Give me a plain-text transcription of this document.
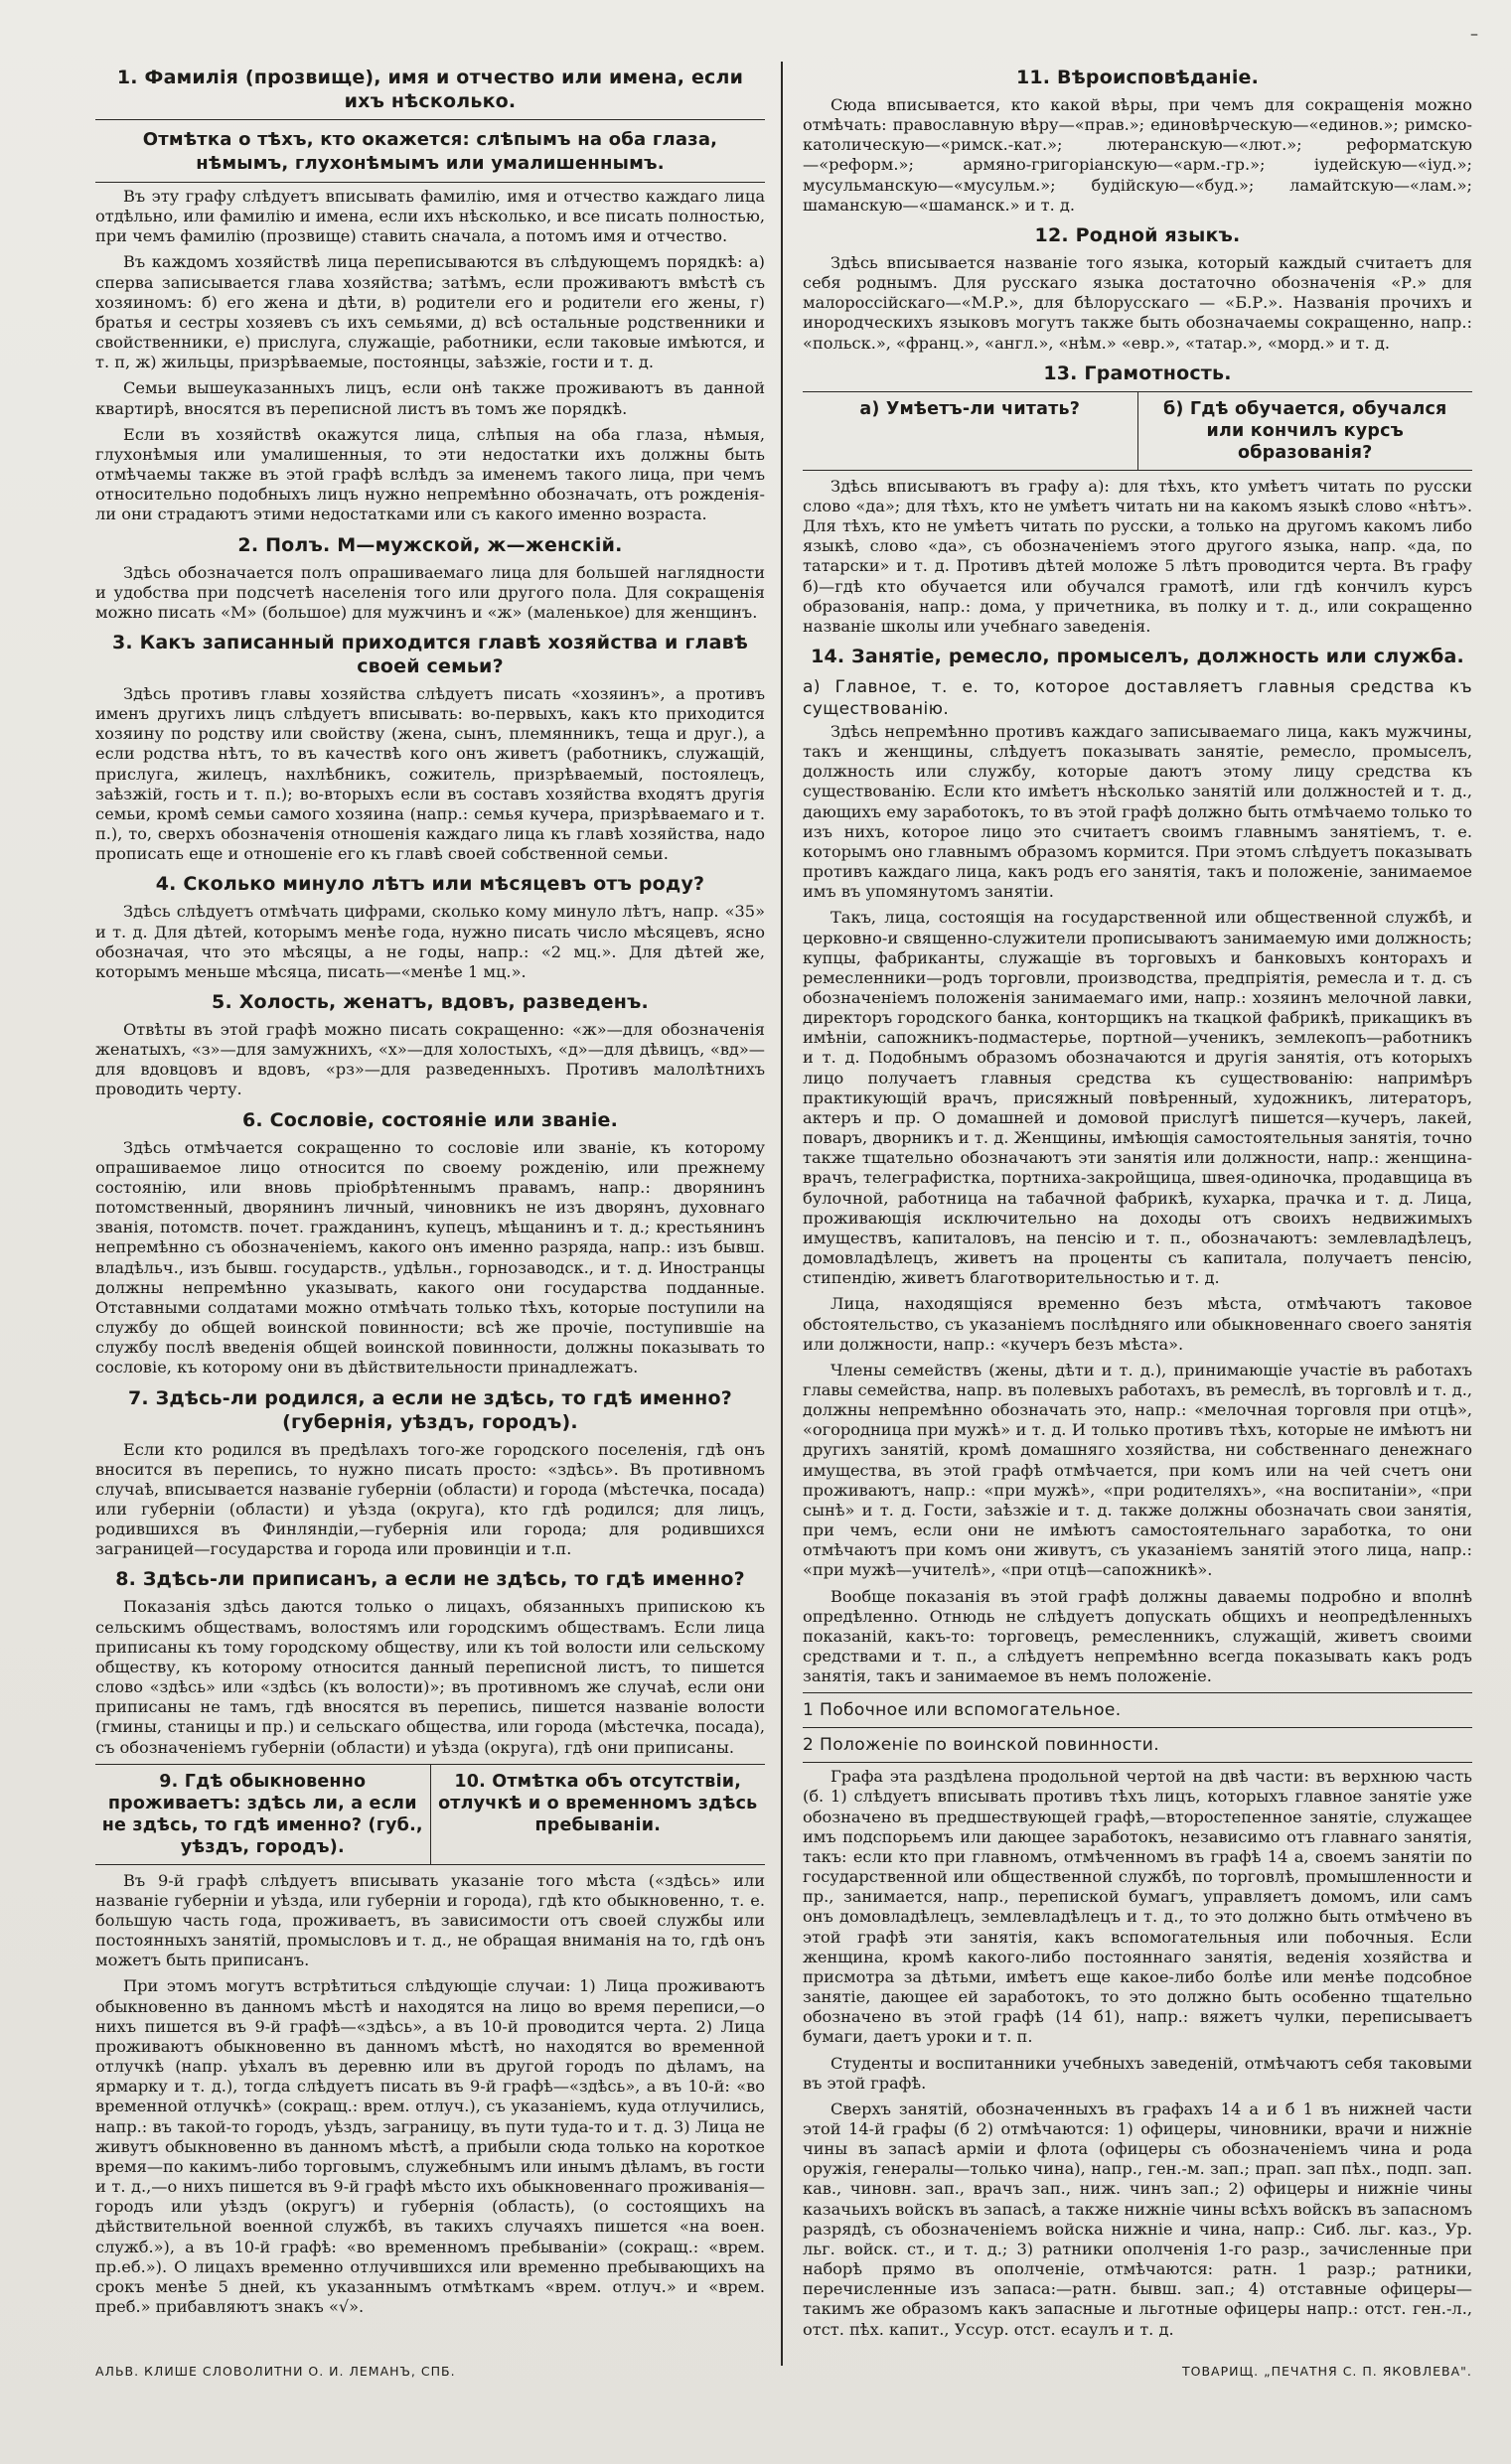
–
1. Фамилія (прозвище), имя и отчество или имена, если ихъ нѣсколько.
Отмѣтка о тѣхъ, кто окажется: слѣпымъ на оба глаза, нѣмымъ, глухонѣмымъ или умалишеннымъ.

Въ эту графу слѣдуетъ вписывать фамилію, имя и отчество каждаго лица отдѣльно, или фамилію и имена, если ихъ нѣсколько, и все писать полностью, при чемъ фамилію (прозвище) ставить сначала, а потомъ имя и отчество.

Въ каждомъ хозяйствѣ лица переписываются въ слѣдующемъ порядкѣ: а) сперва записывается глава хозяйства; затѣмъ, если проживаютъ вмѣстѣ съ хозяиномъ: б) его жена и дѣти, в) родители его и родители его жены, г) братья и сестры хозяевъ съ ихъ семьями, д) всѣ остальные родственники и свойственники, е) прислуга, служащіе, работники, если таковые имѣются, и т. п, ж) жильцы, призрѣваемые, постоянцы, заѣзжіе, гости и т. д.

Семьи вышеуказанныхъ лицъ, если онѣ также проживаютъ въ данной квартирѣ, вносятся въ переписной листъ въ томъ же порядкѣ.

Если въ хозяйствѣ окажутся лица, слѣпыя на оба глаза, нѣмыя, глухонѣмыя или умалишенныя, то эти недостатки ихъ должны быть отмѣчаемы также въ этой графѣ вслѣдъ за именемъ такого лица, при чемъ относительно подобныхъ лицъ нужно непремѣнно обозначать, отъ рожденія-ли они страдаютъ этими недостатками или съ какого именно возраста.

2. Полъ. М—мужской, ж—женскій.

Здѣсь обозначается полъ опрашиваемаго лица для большей наглядности и удобства при подсчетѣ населенія того или другого пола. Для сокращенія можно писать «М» (большое) для мужчинъ и «ж» (маленькое) для женщинъ.

3. Какъ записанный приходится главѣ хозяйства и главѣ своей семьи?

Здѣсь противъ главы хозяйства слѣдуетъ писать «хозяинъ», а противъ именъ другихъ лицъ слѣдуетъ вписывать: во-первыхъ, какъ кто приходится хозяину по родству или свойству (жена, сынъ, племянникъ, теща и друг.), а если родства нѣтъ, то въ качествѣ кого онъ живетъ (работникъ, служащій, прислуга, жилецъ, нахлѣбникъ, сожитель, призрѣваемый, постоялецъ, заѣзжій, гость и т. п.); во-вторыхъ если въ составъ хозяйства входятъ другія семьи, кромѣ семьи самого хозяина (напр.: семья кучера, призрѣваемаго и т. п.), то, сверхъ обозначенія отношенія каждаго лица къ главѣ хозяйства, надо прописать еще и отношеніе его къ главѣ своей собственной семьи.

4. Сколько минуло лѣтъ или мѣсяцевъ отъ роду?

Здѣсь слѣдуетъ отмѣчать цифрами, сколько кому минуло лѣтъ, напр. «35» и т. д. Для дѣтей, которымъ менѣе года, нужно писать число мѣсяцевъ, ясно обозначая, что это мѣсяцы, а не годы, напр.: «2 мц.». Для дѣтей же, которымъ меньше мѣсяца, писать—«менѣе 1 мц.».

5. Холость, женатъ, вдовъ, разведенъ.

Отвѣты въ этой графѣ можно писать сокращенно: «ж»—для обозначенія женатыхъ, «з»—для замужнихъ, «х»—для холостыхъ, «д»—для дѣвицъ, «вд»—для вдовцовъ и вдовъ, «рз»—для разведенныхъ. Противъ малолѣтнихъ проводить черту.

6. Сословіе, состояніе или званіе.

Здѣсь отмѣчается сокращенно то сословіе или званіе, къ которому опрашиваемое лицо относится по своему рожденію, или прежнему состоянію, или вновь пріобрѣтеннымъ правамъ, напр.: дворянинъ потомственный, дворянинъ личный, чиновникъ не изъ дворянъ, духовнаго званія, потомств. почет. гражданинъ, купецъ, мѣщанинъ и т. д.; крестьянинъ непремѣнно съ обозначеніемъ, какого онъ именно разряда, напр.: изъ бывш. владѣльч., изъ бывш. государств., удѣльн., горнозаводск., и т. д. Иностранцы должны непремѣнно указывать, какого они государства подданные. Отставными солдатами можно отмѣчать только тѣхъ, которые поступили на службу до общей воинской повинности; всѣ же прочіе, поступившіе на службу послѣ введенія общей воинской повинности, должны показывать то сословіе, къ которому они въ дѣйствительности принадлежатъ.

7. Здѣсь-ли родился, а если не здѣсь, то гдѣ именно? (губернія, уѣздъ, городъ).

Если кто родился въ предѣлахъ того-же городского поселенія, гдѣ онъ вносится въ перепись, то нужно писать просто: «здѣсь». Въ противномъ случаѣ, вписывается названіе губерніи (области) и города (мѣстечка, посада) или губерніи (области) и уѣзда (округа), кто гдѣ родился; для лицъ, родившихся въ Финляндіи,—губернія или города; для родившихся заграницей—государства и города или провинціи и т.п.

8. Здѣсь-ли приписанъ, а если не здѣсь, то гдѣ именно?

Показанія здѣсь даются только о лицахъ, обязанныхъ припискою къ сельскимъ обществамъ, волостямъ или городскимъ обществамъ. Если лица приписаны къ тому городскому обществу, или къ той волости или сельскому обществу, къ которому относится данный переписной листъ, то пишется слово «здѣсь» или «здѣсь (къ волости)»; въ противномъ же случаѣ, если они приписаны не тамъ, гдѣ вносятся въ перепись, пишется названіе волости (гмины, станицы и пр.) и сельскаго общества, или города (мѣстечка, посада), съ обозначеніемъ губерніи (области) и уѣзда (округа), гдѣ они приписаны.

9. Гдѣ обыкновенно проживаетъ: здѣсь ли, а если не здѣсь, то гдѣ именно? (губ., уѣздъ, городъ).
10. Отмѣтка объ отсутствіи, отлучкѣ и о временномъ здѣсь пребываніи.

Въ 9-й графѣ слѣдуетъ вписывать указаніе того мѣста («здѣсь» или названіе губерніи и уѣзда, или губерніи и города), гдѣ кто обыкновенно, т. е. большую часть года, проживаетъ, въ зависимости отъ своей службы или постоянныхъ занятій, промысловъ и т. д., не обращая вниманія на то, гдѣ онъ можетъ быть приписанъ.

При этомъ могутъ встрѣтиться слѣдующіе случаи: 1) Лица проживаютъ обыкновенно въ данномъ мѣстѣ и находятся на лицо во время переписи,—о нихъ пишется въ 9-й графѣ—«здѣсь», а въ 10-й проводится черта. 2) Лица проживаютъ обыкновенно въ данномъ мѣстѣ, но находятся во временной отлучкѣ (напр. уѣхалъ въ деревню или въ другой городъ по дѣламъ, на ярмарку и т. д.), тогда слѣдуетъ писать въ 9-й графѣ—«здѣсь», а въ 10-й: «во временной отлучкѣ» (сокращ.: врем. отлуч.), съ указаніемъ, куда отлучились, напр.: въ такой-то городъ, уѣздъ, заграницу, въ пути туда-то и т. д. 3) Лица не живутъ обыкновенно въ данномъ мѣстѣ, а прибыли сюда только на короткое время—по какимъ-либо торговымъ, служебнымъ или инымъ дѣламъ, въ гости и т. д.,—о нихъ пишется въ 9-й графѣ мѣсто ихъ обыкновеннаго проживанія—городъ или уѣздъ (округъ) и губернія (область), (о состоящихъ на дѣйствительной военной службѣ, въ такихъ случаяхъ пишется «на воен. служб.»), а въ 10-й графѣ: «во временномъ пребываніи» (сокращ.: «врем. пр.еб.»). О лицахъ временно отлучившихся или временно пребывающихъ на срокъ менѣе 5 дней, къ указаннымъ отмѣткамъ «врем. отлуч.» и «врем. преб.» прибавляютъ знакъ «√».

11. Вѣроисповѣданіе.

Сюда вписывается, кто какой вѣры, при чемъ для сокращенія можно отмѣчать: православную вѣру—«прав.»; единовѣрческую—«единов.»; римско-католическую—«римск.-кат.»; лютеранскую—«лют.»; реформатскую—«реформ.»; армяно-григоріанскую—«арм.-гр.»; іудейскую—«іуд.»; мусульманскую—«мусульм.»; будійскую—«буд.»; ламайтскую—«лам.»; шаманскую—«шаманск.» и т. д.

12. Родной языкъ.

Здѣсь вписывается названіе того языка, который каждый считаетъ для себя роднымъ. Для русскаго языка достаточно обозначенія «Р.» для малороссійскаго—«М.Р.», для бѣлорусскаго — «Б.Р.». Названія прочихъ и инородческихъ языковъ могутъ также быть обозначаемы сокращенно, напр.: «польск.», «франц.», «англ.», «нѣм.» «евр.», «татар.», «морд.» и т. д.

13. Грамотность.
а) Умѣетъ-ли читать?	б) Гдѣ обучается, обучался или кончилъ курсъ образованія?

Здѣсь вписываютъ въ графу а): для тѣхъ, кто умѣетъ читать по русски слово «да»; для тѣхъ, кто не умѣетъ читать ни на какомъ языкѣ слово «нѣтъ». Для тѣхъ, кто не умѣетъ читать по русски, а только на другомъ какомъ либо языкѣ, слово «да», съ обозначеніемъ этого другого языка, напр. «да, по татарски» и т. д. Противъ дѣтей моложе 5 лѣтъ проводится черта. Въ графу б)—гдѣ кто обучается или обучался грамотѣ, или гдѣ кончилъ курсъ образованія, напр.: дома, у причетника, въ полку и т. д., или сокращенно названіе школы или учебнаго заведенія.

14. Занятіе, ремесло, промыселъ, должность или служба.
а) Главное, т. е. то, которое доставляетъ главныя средства къ существованію.

Здѣсь непремѣнно противъ каждаго записываемаго лица, какъ мужчины, такъ и женщины, слѣдуетъ показывать занятіе, ремесло, промыселъ, должность или службу, которые даютъ этому лицу средства къ существованію. Если кто имѣетъ нѣсколько занятій или должностей и т. д., дающихъ ему заработокъ, то въ этой графѣ должно быть отмѣчаемо только то изъ нихъ, которое лицо это считаетъ своимъ главнымъ занятіемъ, т. е. которымъ оно главнымъ образомъ кормится. При этомъ слѣдуетъ показывать противъ каждаго лица, какъ родъ его занятія, такъ и положеніе, занимаемое имъ въ упомянутомъ занятіи.

Такъ, лица, состоящія на государственной или общественной службѣ, и церковно-и священно-служители прописываютъ занимаемую ими должность; купцы, фабриканты, служащіе въ торговыхъ и банковыхъ конторахъ и ремесленники—родъ торговли, производства, предпріятія, ремесла и т. д. съ обозначеніемъ положенія занимаемаго ими, напр.: хозяинъ мелочной лавки, директоръ городского банка, конторщикъ на ткацкой фабрикѣ, прикащикъ въ имѣніи, сапожникъ-подмастерье, портной—ученикъ, землекопъ—работникъ и т. д. Подобнымъ образомъ обозначаются и другія занятія, отъ которыхъ лицо получаетъ главныя средства къ существованію: напримѣръ практикующій врачъ, присяжный повѣренный, художникъ, литераторъ, актеръ и пр. О домашней и домовой прислугѣ пишется—кучеръ, лакей, поваръ, дворникъ и т. д. Женщины, имѣющія самостоятельныя занятія, точно также тщательно обозначаютъ эти занятія или должности, напр.: женщина-врачъ, телеграфистка, портниха-закройщица, швея-одиночка, продавщица въ булочной, работница на табачной фабрикѣ, кухарка, прачка и т. д. Лица, проживающія исключительно на доходы отъ своихъ недвижимыхъ имуществъ, капиталовъ, на пенсію и т. п., обозначаютъ: землевладѣлецъ, домовладѣлецъ, живетъ на проценты съ капитала, получаетъ пенсію, стипендію, живетъ благотворительностью и т. д.

Лица, находящіяся временно безъ мѣста, отмѣчаютъ таковое обстоятельство, съ указаніемъ послѣдняго или обыкновеннаго своего занятія или должности, напр.: «кучеръ безъ мѣста».

Члены семействъ (жены, дѣти и т. д.), принимающіе участіе въ работахъ главы семейства, напр. въ полевыхъ работахъ, въ ремеслѣ, въ торговлѣ и т. д., должны непремѣнно обозначать это, напр.: «мелочная торговля при отцѣ», «огородница при мужѣ» и т. д. И только противъ тѣхъ, которые не имѣютъ ни другихъ занятій, кромѣ домашняго хозяйства, ни собственнаго денежнаго имущества, въ этой графѣ отмѣчается, при комъ или на чей счетъ они проживаютъ, напр.: «при мужѣ», «при родителяхъ», «на воспитаніи», «при сынѣ» и т. д. Гости, заѣзжіе и т. д. также должны обозначать свои занятія, при чемъ, если они не имѣютъ самостоятельнаго заработка, то они отмѣчаютъ при комъ они живутъ, съ указаніемъ занятій этого лица, напр.: «при мужѣ—учителѣ», «при отцѣ—сапожникѣ».

Вообще показанія въ этой графѣ должны даваемы подробно и вполнѣ опредѣленно. Отнюдь не слѣдуетъ допускать общихъ и неопредѣленныхъ показаній, какъ-то: торговецъ, ремесленникъ, служащій, живетъ своими средствами и т. п., а слѣдуетъ непремѣнно всегда показывать какъ родъ занятія, такъ и занимаемое въ немъ положеніе.

1 Побочное или вспомогательное.
2 Положеніе по воинской повинности.

Графа эта раздѣлена продольной чертой на двѣ части: въ верхнюю часть (б. 1) слѣдуетъ вписывать противъ тѣхъ лицъ, которыхъ главное занятіе уже обозначено въ предшествующей графѣ,—второстепенное занятіе, служащее имъ подспорьемъ или дающее заработокъ, независимо отъ главнаго занятія, такъ: если кто при главномъ, отмѣченномъ въ графѣ 14 а, своемъ занятіи по государственной или общественной службѣ, по торговлѣ, промышленности и пр., занимается, напр., перепиской бумагъ, управляетъ домомъ, или самъ онъ домовладѣлецъ, землевладѣлецъ и т. д., то это должно быть отмѣчено въ этой графѣ эти занятія, какъ вспомогательныя или побочныя. Если женщина, кромѣ какого-либо постояннаго занятія, веденія хозяйства и присмотра за дѣтьми, имѣетъ еще какое-либо болѣе или менѣе подсобное занятіе, дающее ей заработокъ, то это должно быть особенно тщательно обозначено въ этой графѣ (14 б1), напр.: вяжетъ чулки, переписываетъ бумаги, даетъ уроки и т. п.

Студенты и воспитанники учебныхъ заведеній, отмѣчаютъ себя таковыми въ этой графѣ.

Сверхъ занятій, обозначенныхъ въ графахъ 14 а и б 1 въ нижней части этой 14-й графы (б 2) отмѣчаются: 1) офицеры, чиновники, врачи и нижніе чины въ запасѣ арміи и флота (офицеры съ обозначеніемъ чина и рода оружія, генералы—только чина), напр., ген.-м. зап.; прап. зап пѣх., подп. зап. кав., чиновн. зап., врачъ зап., ниж. чинъ зап.; 2) офицеры и нижніе чины казачьихъ войскъ въ запасѣ, а также нижніе чины всѣхъ войскъ въ запасномъ разрядѣ, съ обозначеніемъ войска нижніе и чина, напр.: Сиб. льг. каз., Ур. льг. войск. ст., и т. д.; 3) ратники ополченія 1-го разр., зачисленные при наборѣ прямо въ ополченіе, отмѣчаются: ратн. 1 разр.; ратники, перечисленные изъ запаса:—ратн. бывш. зап.; 4) отставные офицеры—такимъ же образомъ какъ запасные и льготные офицеры напр.: отст. ген.-л., отст. пѣх. капит., Уссур. отст. есаулъ и т. д.

АЛЬВ. КЛИШЕ СЛОВОЛИТНИ О. И. ЛЕМАНЪ, СПБ.	ТОВАРИЩ. „ПЕЧАТНЯ С. П. ЯКОВЛЕВА".
